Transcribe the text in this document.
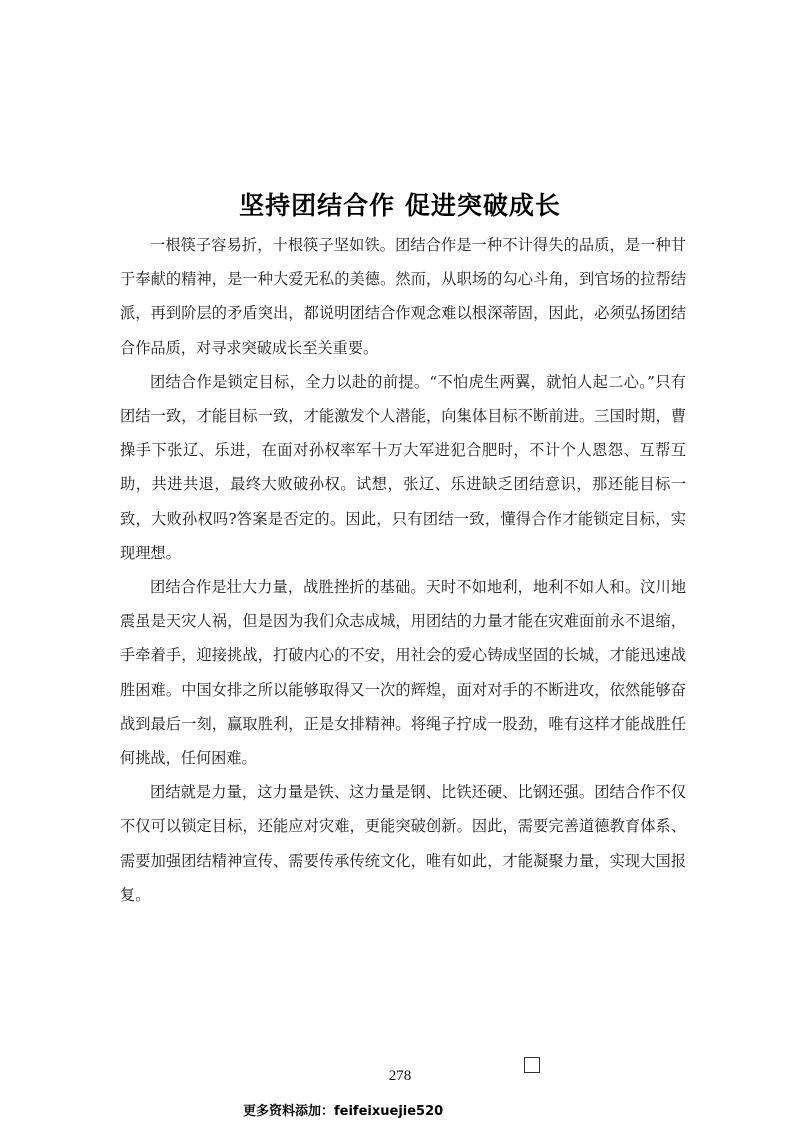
坚持团结合作 促进突破成长

一根筷子容易折，十根筷子坚如铁。团结合作是一种不计得失的品质，是一种甘于奉献的精神，是一种大爱无私的美德。然而，从职场的勾心斗角，到官场的拉帮结派，再到阶层的矛盾突出，都说明团结合作观念难以根深蒂固，因此，必须弘扬团结合作品质，对寻求突破成长至关重要。

团结合作是锁定目标，全力以赴的前提。“不怕虎生两翼，就怕人起二心。”只有团结一致，才能目标一致，才能激发个人潜能，向集体目标不断前进。三国时期，曹操手下张辽、乐进，在面对孙权率军十万大军进犯合肥时，不计个人恩怨、互帮互助，共进共退，最终大败破孙权。试想，张辽、乐进缺乏团结意识，那还能目标一致，大败孙权吗?答案是否定的。因此，只有团结一致，懂得合作才能锁定目标，实现理想。

团结合作是壮大力量，战胜挫折的基础。天时不如地利，地利不如人和。汶川地震虽是天灾人祸，但是因为我们众志成城，用团结的力量才能在灾难面前永不退缩，手牵着手，迎接挑战，打破内心的不安，用社会的爱心铸成坚固的长城，才能迅速战胜困难。中国女排之所以能够取得又一次的辉煌，面对对手的不断进攻，依然能够奋战到最后一刻，赢取胜利，正是女排精神。将绳子拧成一股劲，唯有这样才能战胜任何挑战，任何困难。

团结就是力量，这力量是铁、这力量是钢、比铁还硬、比钢还强。团结合作不仅不仅可以锁定目标，还能应对灾难，更能突破创新。因此，需要完善道德教育体系、需要加强团结精神宣传、需要传承传统文化，唯有如此，才能凝聚力量，实现大国报复。

278
更多资料添加：feifeixuejie520
